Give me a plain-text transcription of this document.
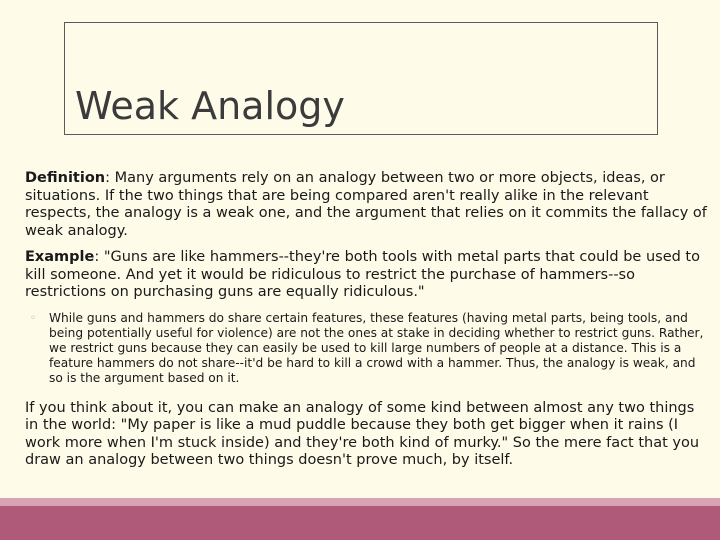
Weak Analogy

Definition: Many arguments rely on an analogy between two or more objects, ideas, or situations. If the two things that are being compared aren't really alike in the relevant respects, the analogy is a weak one, and the argument that relies on it commits the fallacy of weak analogy.

Example: "Guns are like hammers--they're both tools with metal parts that could be used to kill someone. And yet it would be ridiculous to restrict the purchase of hammers--so restrictions on purchasing guns are equally ridiculous."

◦ While guns and hammers do share certain features, these features (having metal parts, being tools, and being potentially useful for violence) are not the ones at stake in deciding whether to restrict guns. Rather, we restrict guns because they can easily be used to kill large numbers of people at a distance. This is a feature hammers do not share--it'd be hard to kill a crowd with a hammer. Thus, the analogy is weak, and so is the argument based on it.

If you think about it, you can make an analogy of some kind between almost any two things in the world: "My paper is like a mud puddle because they both get bigger when it rains (I work more when I'm stuck inside) and they're both kind of murky." So the mere fact that you draw an analogy between two things doesn't prove much, by itself.
